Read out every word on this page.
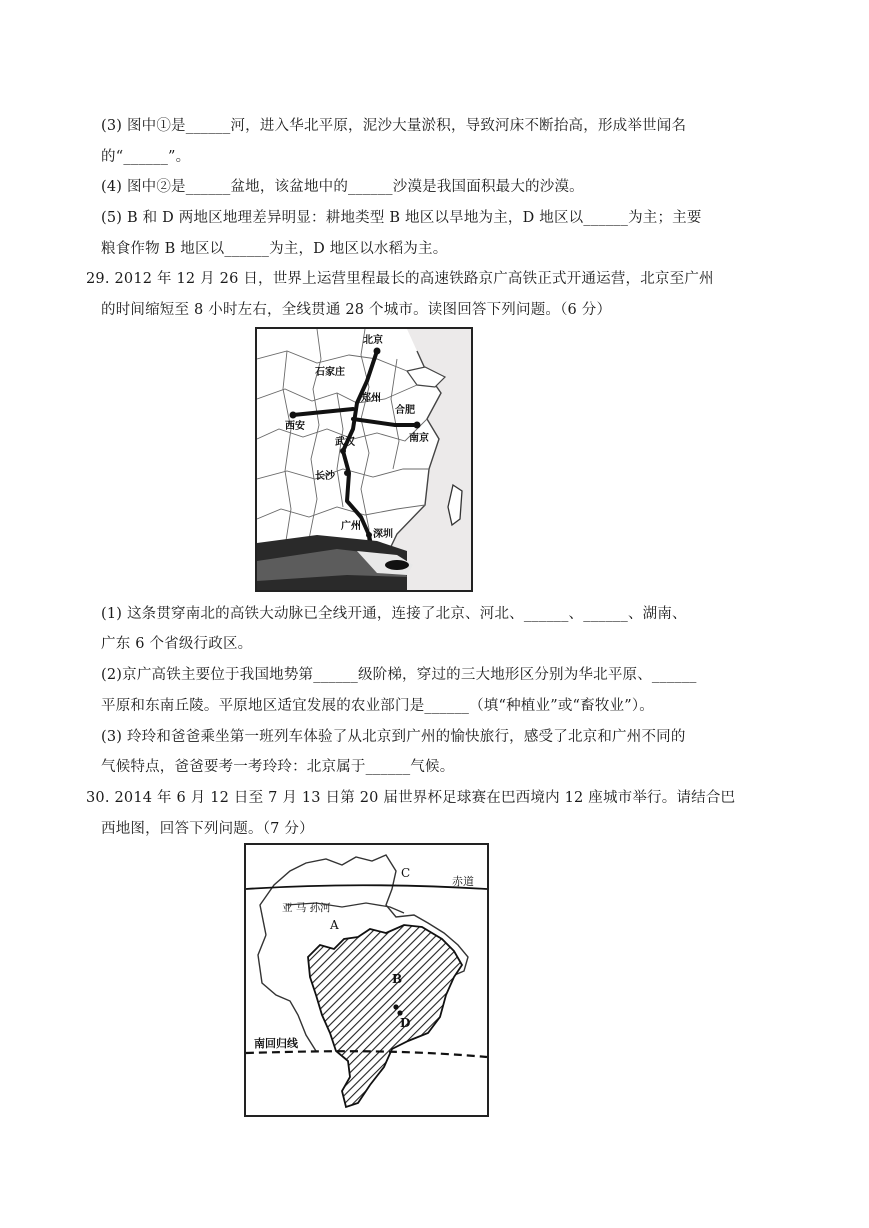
(3) 图中①是______河，进入华北平原，泥沙大量淤积，导致河床不断抬高，形成举世闻名
的“______”。
(4) 图中②是______盆地，该盆地中的______沙漠是我国面积最大的沙漠。
(5) B 和 D 两地区地理差异明显：耕地类型 B 地区以旱地为主，D 地区以______为主；主要
粮食作物 B 地区以______为主，D 地区以水稻为主。
29. 2012 年 12 月 26 日，世界上运营里程最长的高速铁路京广高铁正式开通运营，北京至广州
的时间缩短至 8 小时左右，全线贯通 28 个城市。读图回答下列问题。（6 分）
北京
石家庄
郑州
西安
合肥
武汉	南京
长沙
广州
深圳
(1) 这条贯穿南北的高铁大动脉已全线开通，连接了北京、河北、______、______、湖南、
广东 6 个省级行政区。
(2)京广高铁主要位于我国地势第______级阶梯，穿过的三大地形区分别为华北平原、______
平原和东南丘陵。平原地区适宜发展的农业部门是______（填“种植业”或“畜牧业”）。
(3) 玲玲和爸爸乘坐第一班列车体验了从北京到广州的愉快旅行，感受了北京和广州不同的
气候特点，爸爸要考一考玲玲：北京属于______气候。
30. 2014 年 6 月 12 日至 7 月 13 日第 20 届世界杯足球赛在巴西境内 12 座城市举行。请结合巴
西地图，回答下列问题。（7 分）
C
赤道
亚 马 孙河
A
B
D
南回归线
